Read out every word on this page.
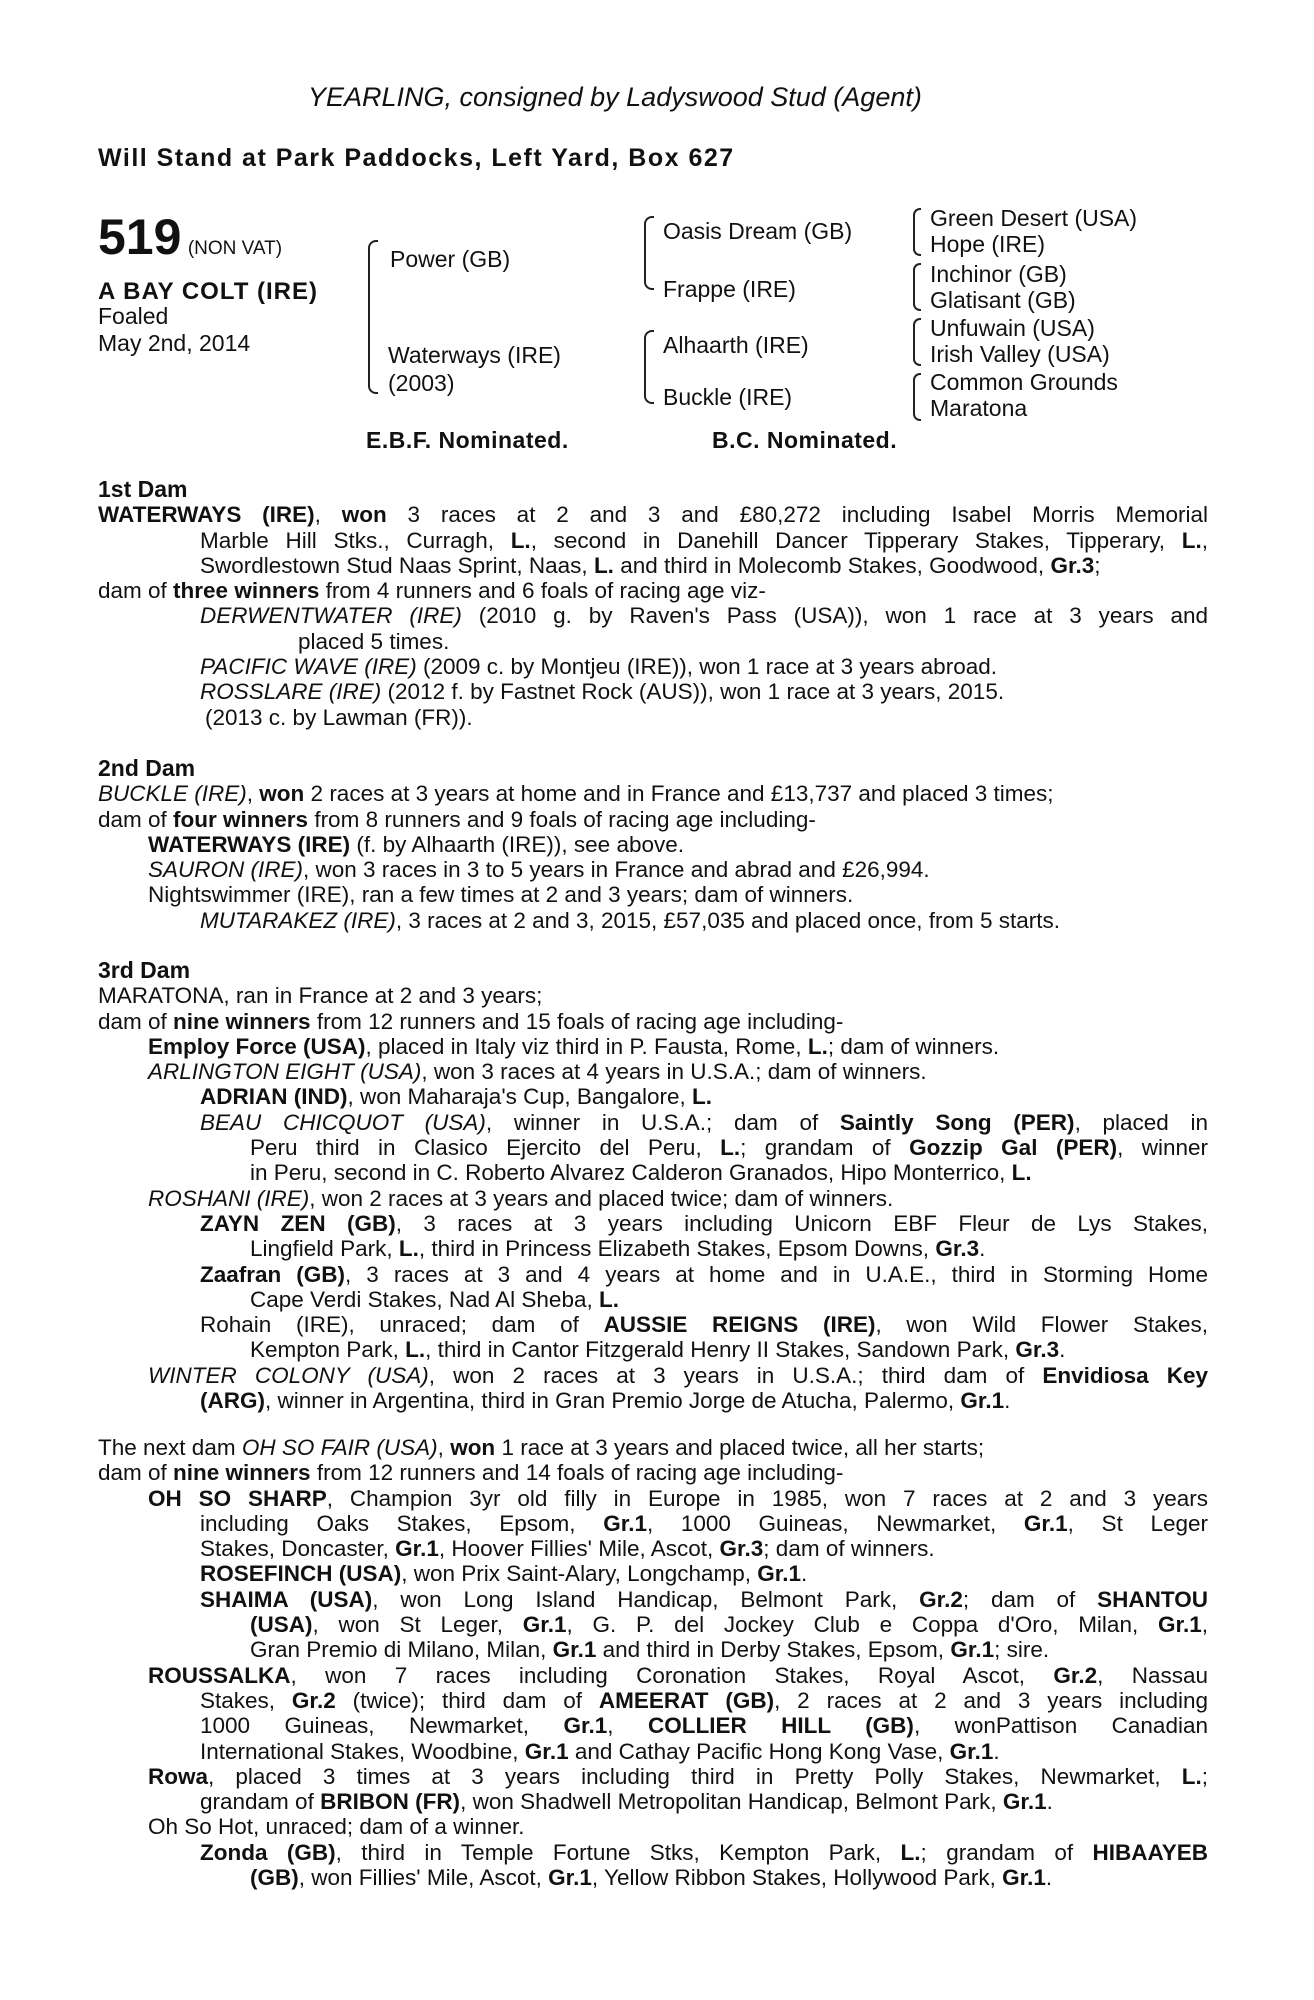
YEARLING, consigned by Ladyswood Stud (Agent)
Will Stand at Park Paddocks, Left Yard, Box 627
519 (NON VAT)
A BAY COLT (IRE)
Foaled
May 2nd, 2014
Power (GB)
Waterways (IRE)
(2003)
Oasis Dream (GB)
Frappe (IRE)
Alhaarth (IRE)
Buckle (IRE)
Green Desert (USA)
Hope (IRE)
Inchinor (GB)
Glatisant (GB)
Unfuwain (USA)
Irish Valley (USA)
Common Grounds
Maratona
E.B.F. Nominated.	B.C. Nominated.
1st Dam
WATERWAYS (IRE), won 3 races at 2 and 3 and £80,272 including Isabel Morris Memorial
Marble Hill Stks., Curragh, L., second in Danehill Dancer Tipperary Stakes, Tipperary, L.,
Swordlestown Stud Naas Sprint, Naas, L. and third in Molecomb Stakes, Goodwood, Gr.3;
dam of three winners from 4 runners and 6 foals of racing age viz-
DERWENTWATER (IRE) (2010 g. by Raven's Pass (USA)), won 1 race at 3 years and
placed 5 times.
PACIFIC WAVE (IRE) (2009 c. by Montjeu (IRE)), won 1 race at 3 years abroad.
ROSSLARE (IRE) (2012 f. by Fastnet Rock (AUS)), won 1 race at 3 years, 2015.
(2013 c. by Lawman (FR)).
2nd Dam
BUCKLE (IRE), won 2 races at 3 years at home and in France and £13,737 and placed 3 times;
dam of four winners from 8 runners and 9 foals of racing age including-
WATERWAYS (IRE) (f. by Alhaarth (IRE)), see above.
SAURON (IRE), won 3 races in 3 to 5 years in France and abrad and £26,994.
Nightswimmer (IRE), ran a few times at 2 and 3 years; dam of winners.
MUTARAKEZ (IRE), 3 races at 2 and 3, 2015, £57,035 and placed once, from 5 starts.
3rd Dam
MARATONA, ran in France at 2 and 3 years;
dam of nine winners from 12 runners and 15 foals of racing age including-
Employ Force (USA), placed in Italy viz third in P. Fausta, Rome, L.; dam of winners.
ARLINGTON EIGHT (USA), won 3 races at 4 years in U.S.A.; dam of winners.
ADRIAN (IND), won Maharaja's Cup, Bangalore, L.
BEAU CHICQUOT (USA), winner in U.S.A.; dam of Saintly Song (PER), placed in
Peru third in Clasico Ejercito del Peru, L.; grandam of Gozzip Gal (PER), winner
in Peru, second in C. Roberto Alvarez Calderon Granados, Hipo Monterrico, L.
ROSHANI (IRE), won 2 races at 3 years and placed twice; dam of winners.
ZAYN ZEN (GB), 3 races at 3 years including Unicorn EBF Fleur de Lys Stakes,
Lingfield Park, L., third in Princess Elizabeth Stakes, Epsom Downs, Gr.3.
Zaafran (GB), 3 races at 3 and 4 years at home and in U.A.E., third in Storming Home
Cape Verdi Stakes, Nad Al Sheba, L.
Rohain (IRE), unraced; dam of AUSSIE REIGNS (IRE), won Wild Flower Stakes,
Kempton Park, L., third in Cantor Fitzgerald Henry II Stakes, Sandown Park, Gr.3.
WINTER COLONY (USA), won 2 races at 3 years in U.S.A.; third dam of Envidiosa Key
(ARG), winner in Argentina, third in Gran Premio Jorge de Atucha, Palermo, Gr.1.
The next dam OH SO FAIR (USA), won 1 race at 3 years and placed twice, all her starts;
dam of nine winners from 12 runners and 14 foals of racing age including-
OH SO SHARP, Champion 3yr old filly in Europe in 1985, won 7 races at 2 and 3 years
including Oaks Stakes, Epsom, Gr.1, 1000 Guineas, Newmarket, Gr.1, St Leger
Stakes, Doncaster, Gr.1, Hoover Fillies' Mile, Ascot, Gr.3; dam of winners.
ROSEFINCH (USA), won Prix Saint-Alary, Longchamp, Gr.1.
SHAIMA (USA), won Long Island Handicap, Belmont Park, Gr.2; dam of SHANTOU
(USA), won St Leger, Gr.1, G. P. del Jockey Club e Coppa d'Oro, Milan, Gr.1,
Gran Premio di Milano, Milan, Gr.1 and third in Derby Stakes, Epsom, Gr.1; sire.
ROUSSALKA, won 7 races including Coronation Stakes, Royal Ascot, Gr.2, Nassau
Stakes, Gr.2 (twice); third dam of AMEERAT (GB), 2 races at 2 and 3 years including
1000 Guineas, Newmarket, Gr.1, COLLIER HILL (GB), wonPattison Canadian
International Stakes, Woodbine, Gr.1 and Cathay Pacific Hong Kong Vase, Gr.1.
Rowa, placed 3 times at 3 years including third in Pretty Polly Stakes, Newmarket, L.;
grandam of BRIBON (FR), won Shadwell Metropolitan Handicap, Belmont Park, Gr.1.
Oh So Hot, unraced; dam of a winner.
Zonda (GB), third in Temple Fortune Stks, Kempton Park, L.; grandam of HIBAAYEB
(GB), won Fillies' Mile, Ascot, Gr.1, Yellow Ribbon Stakes, Hollywood Park, Gr.1.
